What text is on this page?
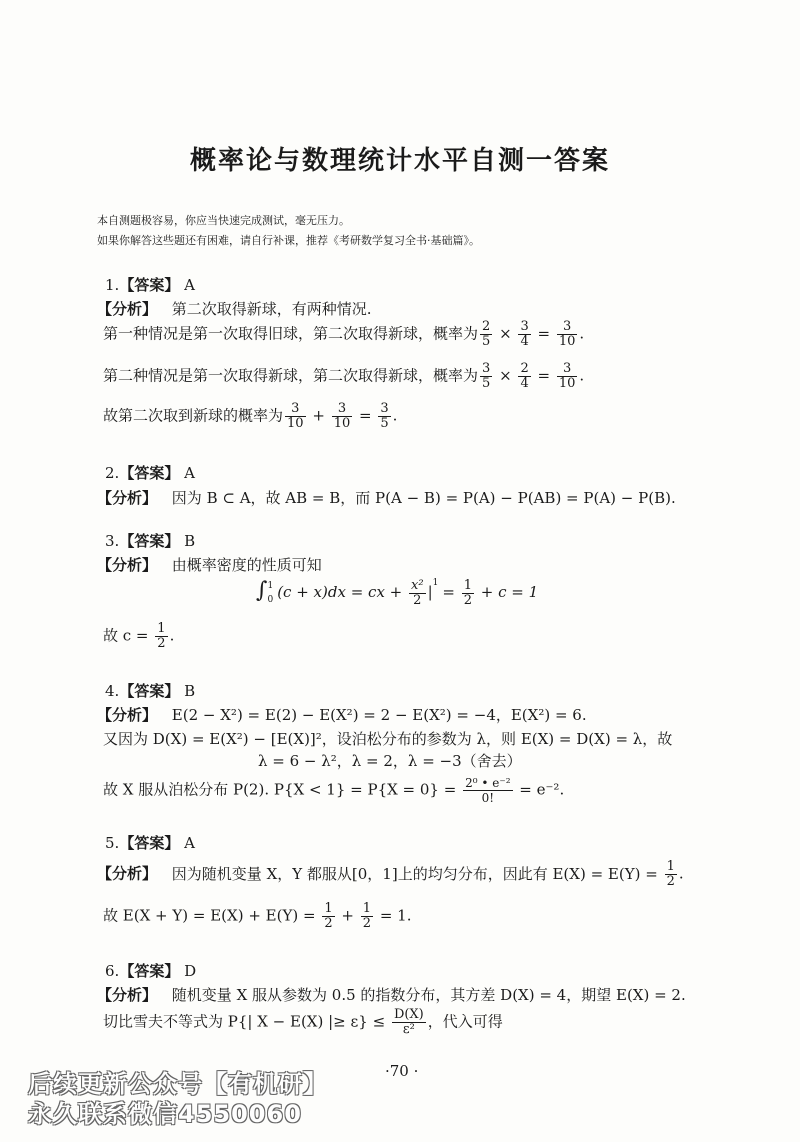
概率论与数理统计水平自测一答案
本自测题极容易，你应当快速完成测试，毫无压力。
如果你解答这些题还有困难，请自行补课，推荐《考研数学复习全书·基础篇》。
1.【答案】 A
【分析】 第二次取得新球，有两种情况.
第一种情况是第一次取得旧球，第二次取得新球，概率为 $\frac{2}{5} \times \frac{3}{4} = \frac{3}{10}$ .
第二种情况是第一次取得新球，第二次取得新球，概率为 $\frac{3}{5} \times \frac{2}{4} = \frac{3}{10}$ .
故第二次取到新球的概率为 $\frac{3}{10} + \frac{3}{10} = \frac{3}{5}$ .
2.【答案】 A
【分析】 因为 B ⊂ A，故 AB = B，而 P(A − B) = P(A) − P(AB) = P(A) − P(B).
3.【答案】 B
【分析】 由概率密度的性质可知
∫ 1
0 (c + x)dx = cx + $\frac{\text{x²}}{2} |^1 = \frac{1}{2} + c = 1$
故 $c = \frac{1}{2}$ .
4.【答案】 B
【分析】 E(2 − X²) = E(2) − E(X²) = 2 − E(X²) = −4，E(X²) = 6.
又因为 D(X) = E(X²) − [E(X)]²，设泊松分布的参数为 λ，则 E(X) = D(X) = λ，故
λ = 6 − λ²，λ = 2，λ = −3（舍去）
故 X 服从泊松分布 P(2). $P\{X < 1\} = P\{X = 0\} = \frac{\text{2⁰ • e⁻²}}{0!} = e^{-2}$.
5.【答案】 A
【分析】 因为随机变量 X，Y 都服从[0，1]上的均匀分布，因此有 $E(X) = E(Y) = \frac{1}{2}$ .
故 $E(X + Y) = E(X) + E(Y) = \frac{1}{2} + \frac{1}{2} = 1$.
6.【答案】 D
【分析】 随机变量 X 服从参数为 0.5 的指数分布，其方差 D(X) = 4，期望 E(X) = 2.
切比雪夫不等式为 P{| X − E(X) |≥ $\varepsilon\} \le \frac{D(X)}{\text{ε²}}$ ，代入可得
·70 ·
后续更新公众号【有机研】
永久联系微信4550060
